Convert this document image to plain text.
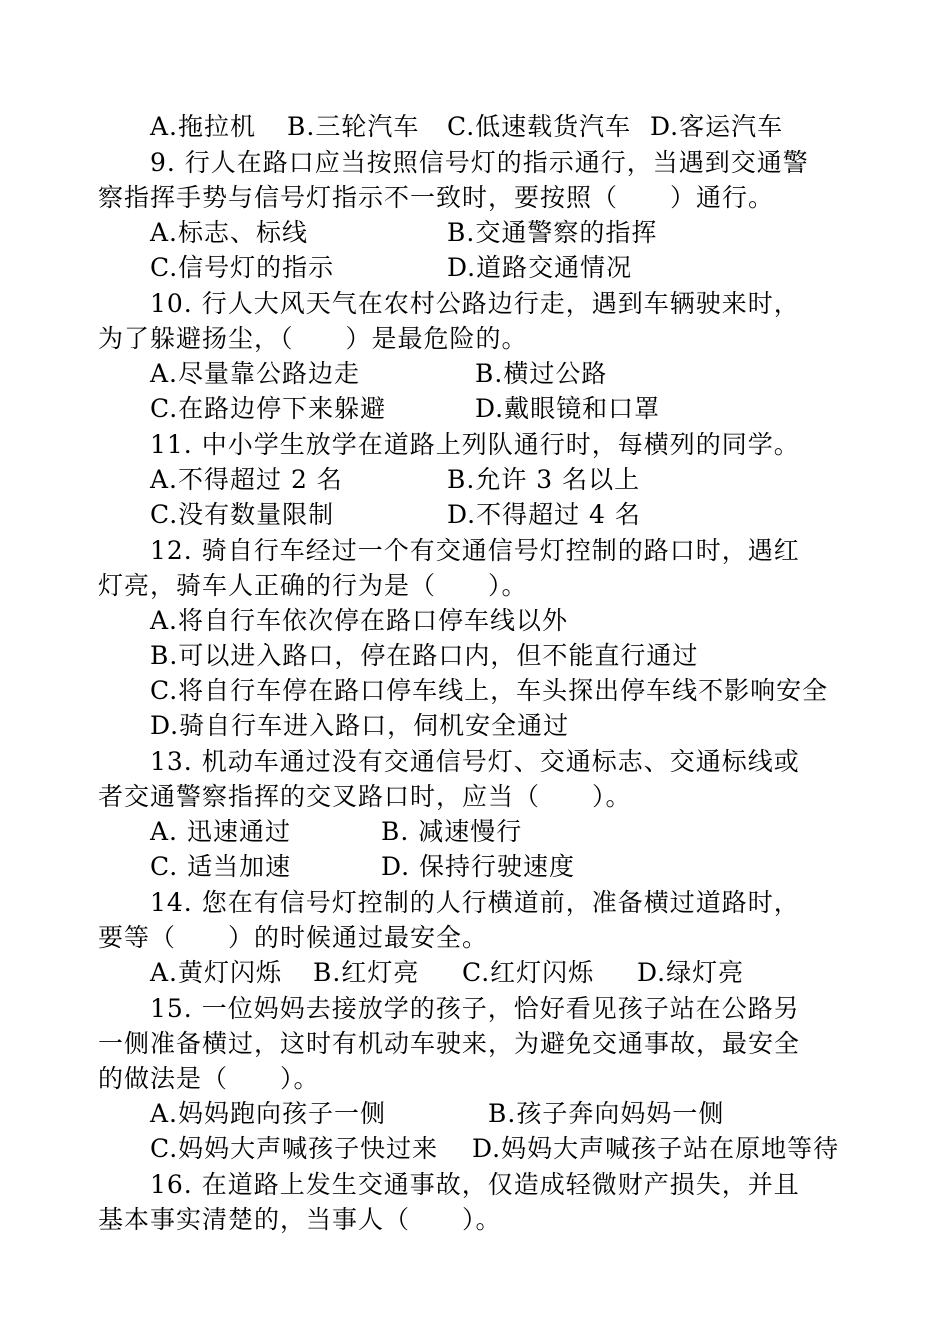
A.拖拉机 B.三轮汽车 C.低速载货汽车 D.客运汽车
9. 行人在路口应当按照信号灯的指示通行，当遇到交通警
察指挥手势与信号灯指示不一致时，要按照（　　）通行。
A.标志、标线	B.交通警察的指挥
C.信号灯的指示	D.道路交通情况
10. 行人大风天气在农村公路边行走，遇到车辆驶来时，
为了躲避扬尘，（　　）是最危险的。
A.尽量靠公路边走	B.横过公路
C.在路边停下来躲避	D.戴眼镜和口罩
11. 中小学生放学在道路上列队通行时，每横列的同学。
A.不得超过 2 名	B.允许 3 名以上
C.没有数量限制	D.不得超过 4 名
12. 骑自行车经过一个有交通信号灯控制的路口时，遇红
灯亮，骑车人正确的行为是（　　）。
A.将自行车依次停在路口停车线以外
B.可以进入路口，停在路口内，但不能直行通过
C.将自行车停在路口停车线上，车头探出停车线不影响安全
D.骑自行车进入路口，伺机安全通过
13. 机动车通过没有交通信号灯、交通标志、交通标线或
者交通警察指挥的交叉路口时，应当（　　）。
A. 迅速通过	B. 减速慢行
C. 适当加速	D. 保持行驶速度
14. 您在有信号灯控制的人行横道前，准备横过道路时，
要等（　　）的时候通过最安全。
A.黄灯闪烁 B.红灯亮 C.红灯闪烁 D.绿灯亮
15. 一位妈妈去接放学的孩子，恰好看见孩子站在公路另
一侧准备横过，这时有机动车驶来，为避免交通事故，最安全
的做法是（　　）。
A.妈妈跑向孩子一侧	B.孩子奔向妈妈一侧
C.妈妈大声喊孩子快过来 D.妈妈大声喊孩子站在原地等待
16. 在道路上发生交通事故，仅造成轻微财产损失，并且
基本事实清楚的，当事人（　　）。
